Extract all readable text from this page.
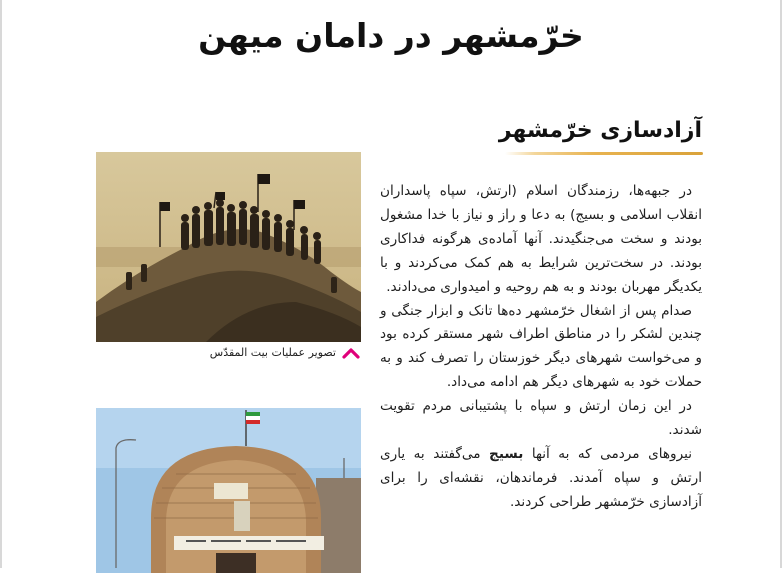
خرّمشهر در دامان میهن
آزادسازی خرّمشهر
تصویر عملیات بیت المقدّس

در جبهه‌ها، رزمندگان اسلام (ارتش، سپاه پاسداران انقلاب اسلامی و بسیج) به دعا و راز و نیاز با خدا مشغول بودند و سخت می‌جنگیدند. آنها آماده‌ی هرگونه فداکاری بودند. در سخت‌ترین شرایط به هم کمک می‌کردند و با یکدیگر مهربان بودند و به هم روحیه و امیدواری می‌دادند.

صدام پس از اشغال خرّمشهر ده‌ها تانک و ابزار جنگی و چندین لشکر را در مناطق اطراف شهر مستقر کرده بود و می‌خواست شهرهای دیگر خوزستان را تصرف کند و به حملات خود به شهرهای دیگر هم ادامه می‌داد.

در این زمان ارتش و سپاه با پشتیبانی مردم تقویت شدند.

نیروهای مردمی که به آنها بسیج می‌گفتند به یاری ارتش و سپاه آمدند. فرماندهان، نقشه‌ای را برای آزادسازی خرّمشهر طراحی کردند.
